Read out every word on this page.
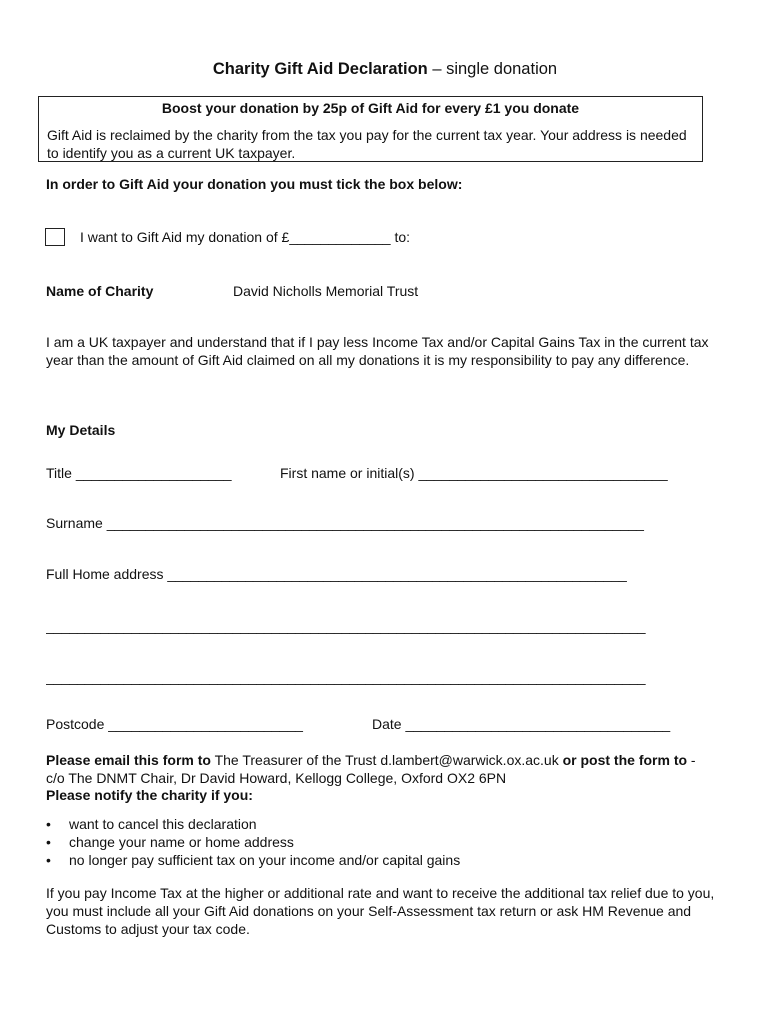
Charity Gift Aid Declaration – single donation
Boost your donation by 25p of Gift Aid for every £1 you donate
Gift Aid is reclaimed by the charity from the tax you pay for the current tax year. Your address is needed to identify you as a current UK taxpayer.
In order to Gift Aid your donation you must tick the box below:
I want to Gift Aid my donation of £_____________ to:
Name of Charity	David Nicholls Memorial Trust
I am a UK taxpayer and understand that if I pay less Income Tax and/or Capital Gains Tax in the current tax year than the amount of Gift Aid claimed on all my donations it is my responsibility to pay any difference.
My Details
Title ____________________	First name or initial(s) ________________________________
Surname _____________________________________________________________________
Full Home address ___________________________________________________________
_____________________________________________________________________________
_____________________________________________________________________________
Postcode _________________________	Date __________________________________
Please email this form to The Treasurer of the Trust d.lambert@warwick.ox.ac.uk or post the form to - c/o The DNMT Chair, Dr David Howard, Kellogg College, Oxford OX2 6PN
Please notify the charity if you:
• want to cancel this declaration
• change your name or home address
• no longer pay sufficient tax on your income and/or capital gains
If you pay Income Tax at the higher or additional rate and want to receive the additional tax relief due to you, you must include all your Gift Aid donations on your Self-Assessment tax return or ask HM Revenue and Customs to adjust your tax code.
